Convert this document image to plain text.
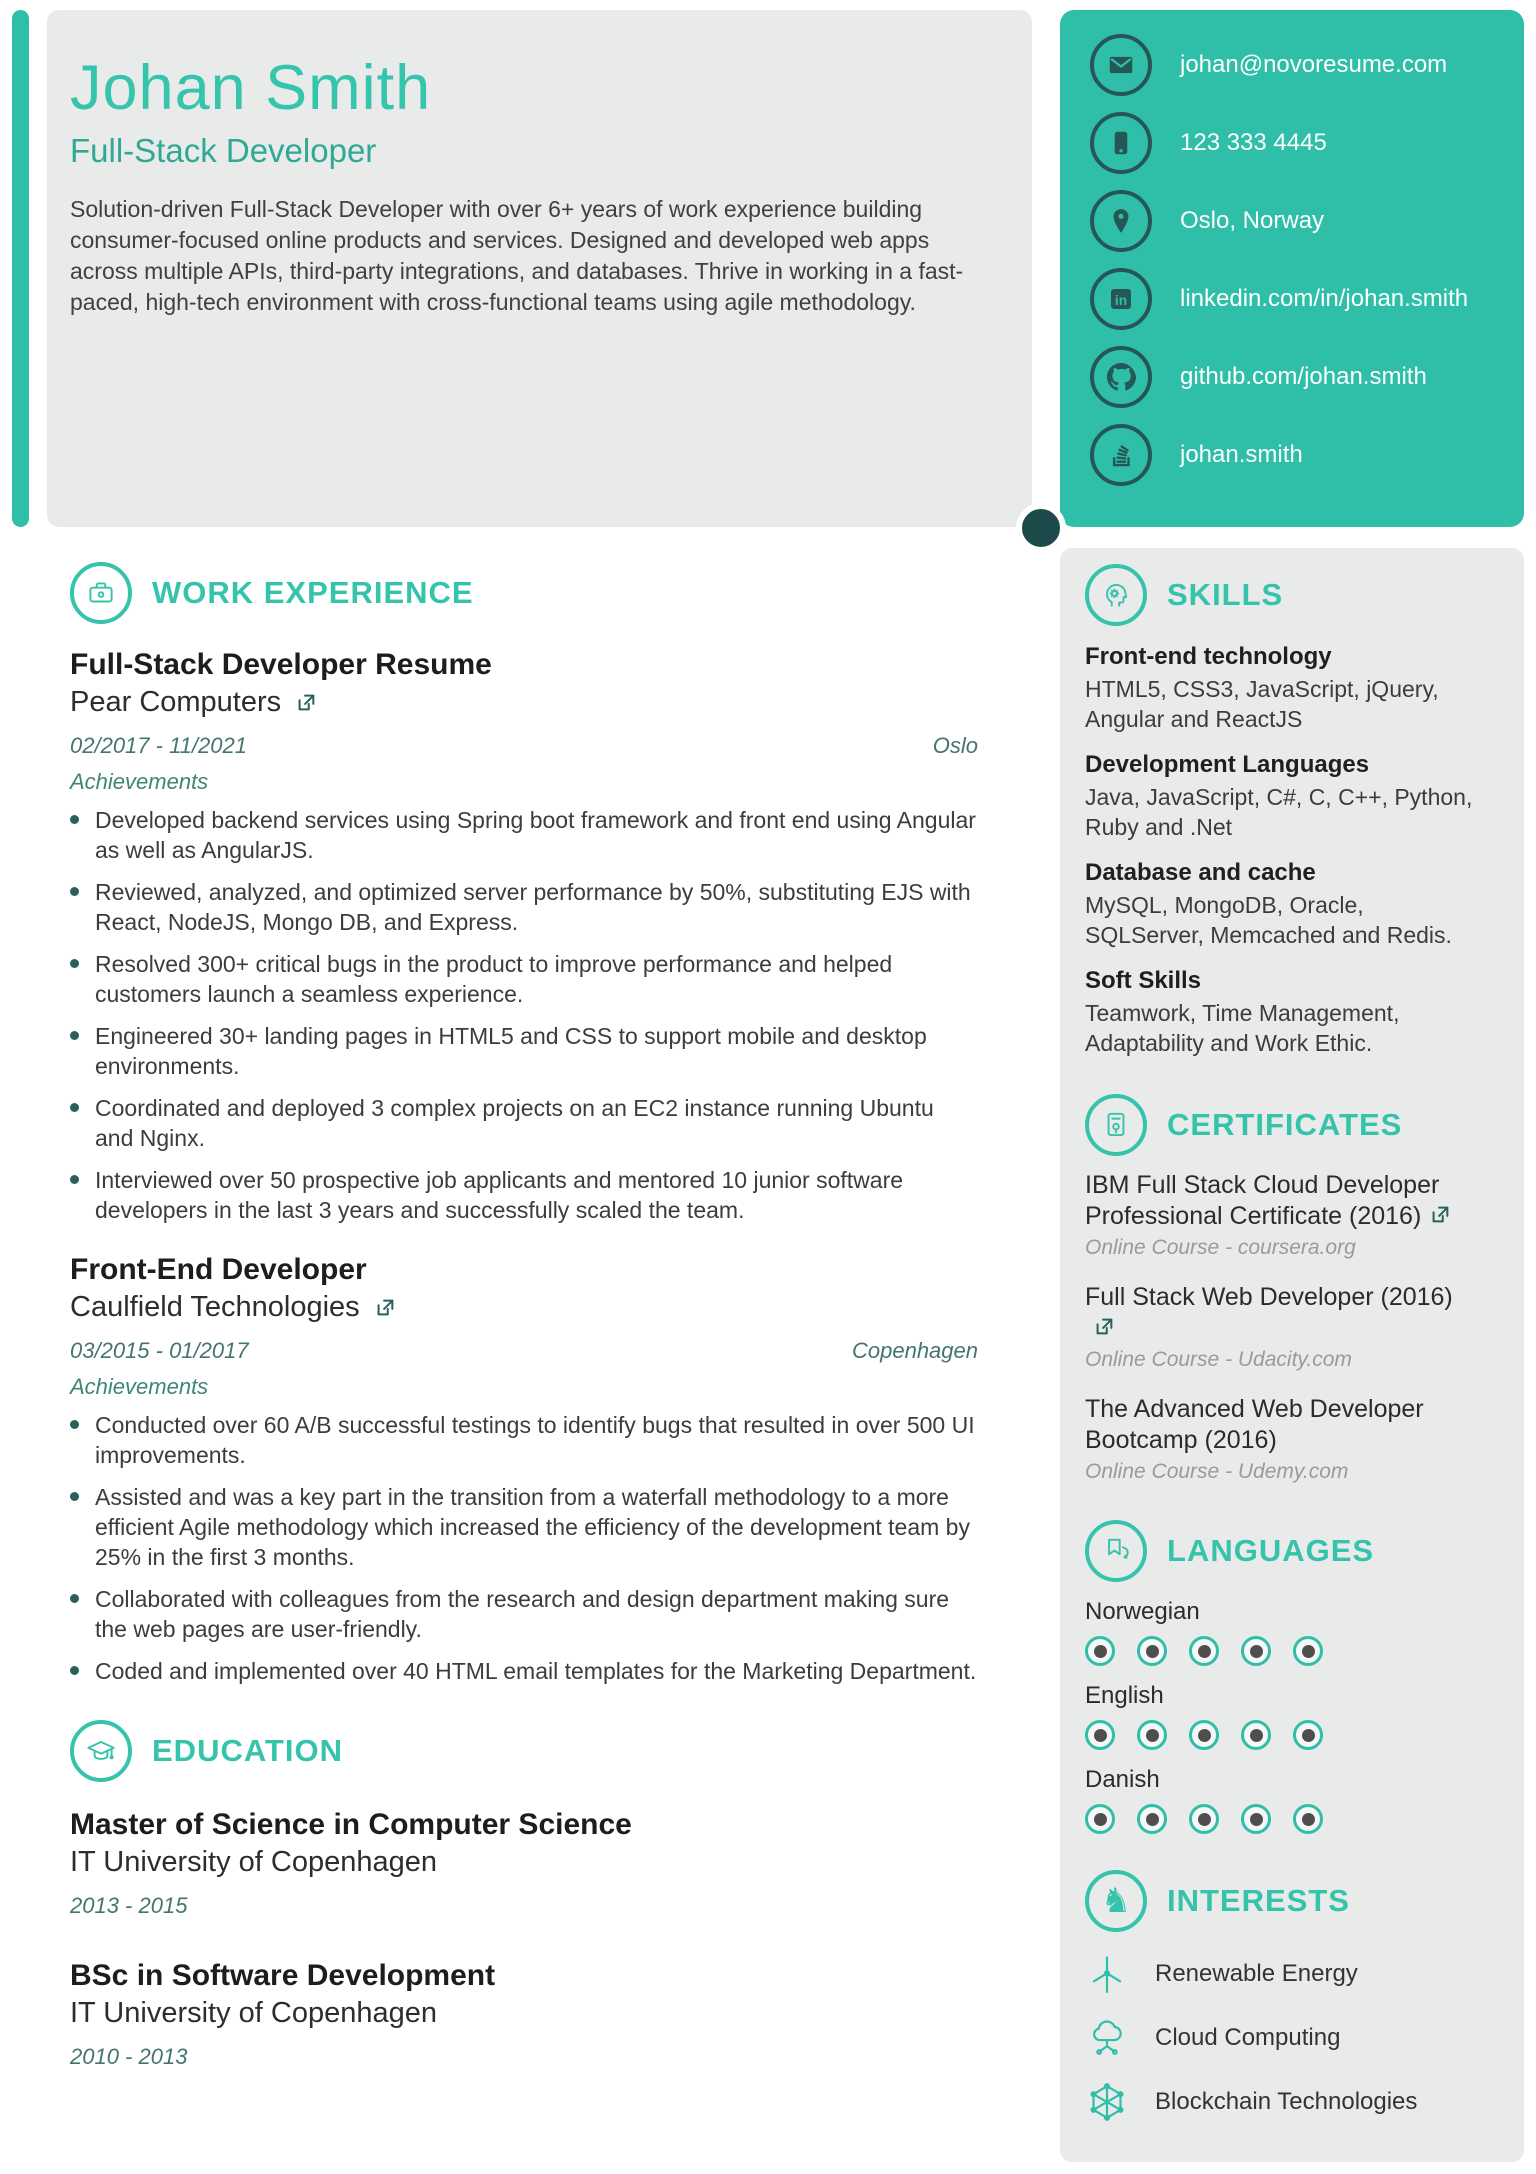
Johan Smith
Full-Stack Developer
Solution-driven Full-Stack Developer with over 6+ years of work experience building consumer-focused online products and services. Designed and developed web apps across multiple APIs, third-party integrations, and databases. Thrive in working in a fast-paced, high-tech environment with cross-functional teams using agile methodology.
johan@novoresume.com
123 333 4445
Oslo, Norway
in linkedin.com/in/johan.smith
github.com/johan.smith
johan.smith
WORK EXPERIENCE
Full-Stack Developer Resume
Pear Computers
02/2017 - 11/2021	Oslo
Achievements
Developed backend services using Spring boot framework and front end using Angular as well as AngularJS.
Reviewed, analyzed, and optimized server performance by 50%, substituting EJS with React, NodeJS, Mongo DB, and Express.
Resolved 300+ critical bugs in the product to improve performance and helped customers launch a seamless experience.
Engineered 30+ landing pages in HTML5 and CSS to support mobile and desktop environments.
Coordinated and deployed 3 complex projects on an EC2 instance running Ubuntu and Nginx.
Interviewed over 50 prospective job applicants and mentored 10 junior software developers in the last 3 years and successfully scaled the team.
Front-End Developer
Caulfield Technologies
03/2015 - 01/2017	Copenhagen
Achievements
Conducted over 60 A/B successful testings to identify bugs that resulted in over 500 UI improvements.
Assisted and was a key part in the transition from a waterfall methodology to a more efficient Agile methodology which increased the efficiency of the development team by 25% in the first 3 months.
Collaborated with colleagues from the research and design department making sure the web pages are user-friendly.
Coded and implemented over 40 HTML email templates for the Marketing Department.
EDUCATION
Master of Science in Computer Science
IT University of Copenhagen
2013 - 2015
BSc in Software Development
IT University of Copenhagen
2010 - 2013
SKILLS
Front-end technology
HTML5, CSS3, JavaScript, jQuery, Angular and ReactJS
Development Languages
Java, JavaScript, C#, C, C++, Python, Ruby and .Net
Database and cache
MySQL, MongoDB, Oracle, SQLServer, Memcached and Redis.
Soft Skills
Teamwork, Time Management, Adaptability and Work Ethic.
CERTIFICATES
IBM Full Stack Cloud Developer Professional Certificate (2016)
Online Course - coursera.org
Full Stack Web Developer (2016)
Online Course - Udacity.com
The Advanced Web Developer Bootcamp (2016)
Online Course - Udemy.com
LANGUAGES
Norwegian
English
Danish
♞ INTERESTS
Renewable Energy
Cloud Computing
Blockchain Technologies
